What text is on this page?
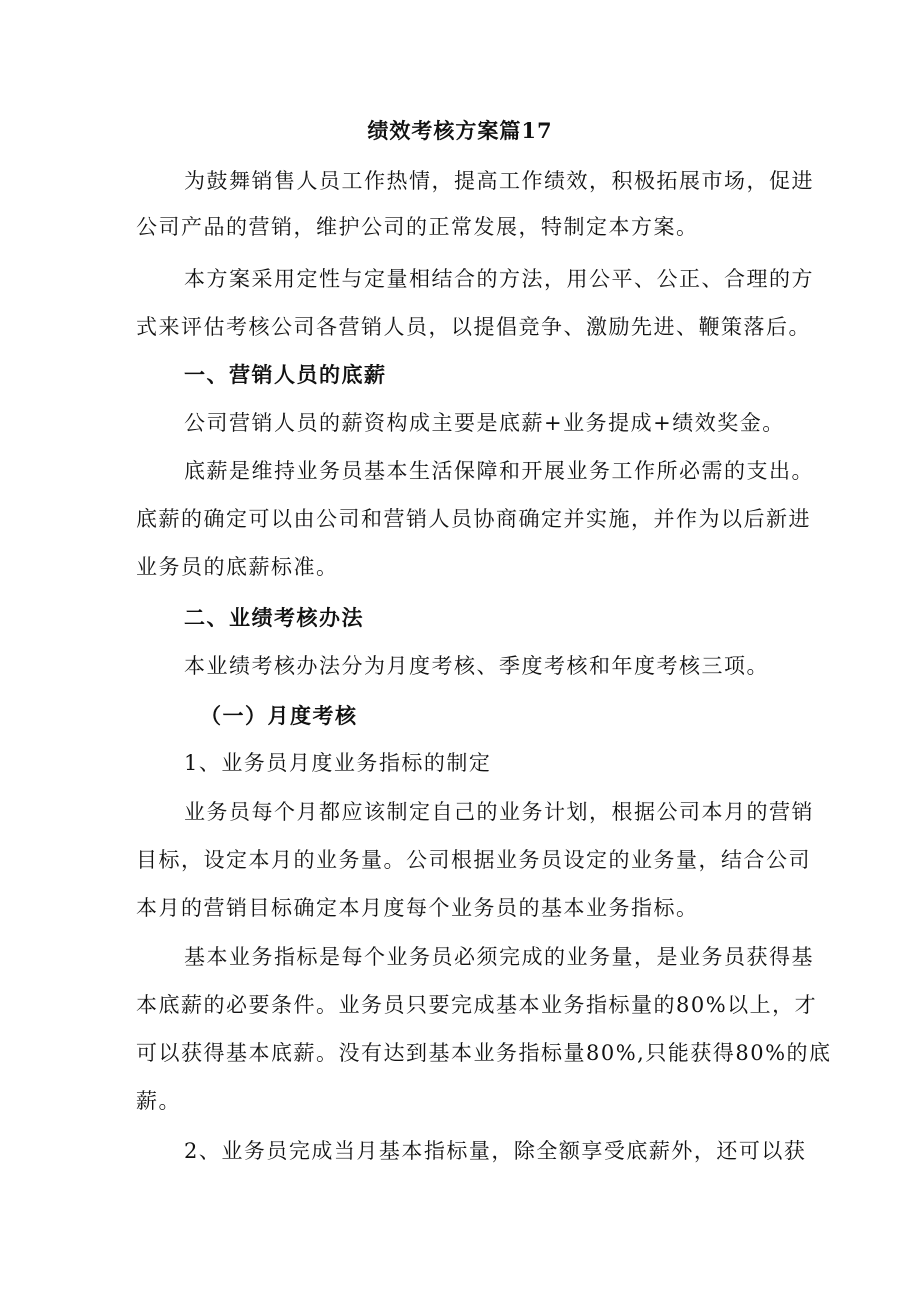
绩效考核方案篇17
为鼓舞销售人员工作热情，提高工作绩效，积极拓展市场，促进
公司产品的营销，维护公司的正常发展，特制定本方案。
本方案采用定性与定量相结合的方法，用公平、公正、合理的方
式来评估考核公司各营销人员，以提倡竞争、激励先进、鞭策落后。
一、营销人员的底薪
公司营销人员的薪资构成主要是底薪+业务提成+绩效奖金。
底薪是维持业务员基本生活保障和开展业务工作所必需的支出。
底薪的确定可以由公司和营销人员协商确定并实施，并作为以后新进
业务员的底薪标准。
二、业绩考核办法
本业绩考核办法分为月度考核、季度考核和年度考核三项。
（一）月度考核
1、业务员月度业务指标的制定
业务员每个月都应该制定自己的业务计划，根据公司本月的营销
目标，设定本月的业务量。公司根据业务员设定的业务量，结合公司
本月的营销目标确定本月度每个业务员的基本业务指标。
基本业务指标是每个业务员必须完成的业务量，是业务员获得基
本底薪的必要条件。业务员只要完成基本业务指标量的80%以上，才
可以获得基本底薪。没有达到基本业务指标量80%,只能获得80%的底
薪。
2、业务员完成当月基本指标量，除全额享受底薪外，还可以获
